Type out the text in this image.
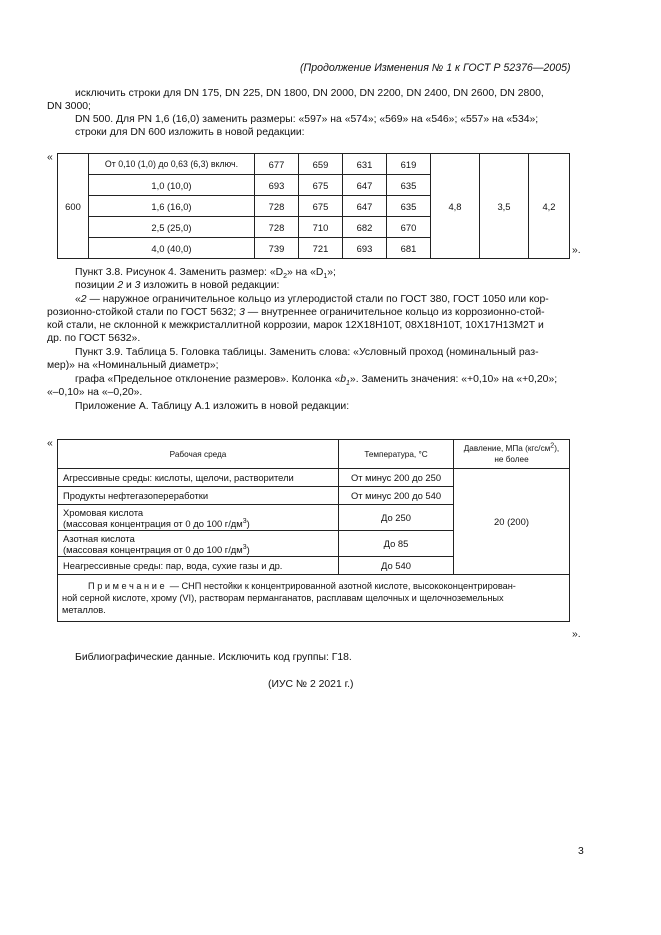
(Продолжение Изменения № 1 к ГОСТ Р 52376—2005)
исключить строки для DN 175, DN 225, DN 1800, DN 2000, DN 2200, DN 2400, DN 2600, DN 2800,
DN 3000;
DN 500. Для PN 1,6 (16,0) заменить размеры: «597» на «574»; «569» на «546»; «557» на «534»;
строки для DN 600 изложить в новой редакции:
«
600	От 0,10 (1,0) до 0,63 (6,3) включ.	677	659	631	619	4,8	3,5	4,2
	1,0 (10,0)	693	675	647	635			
	1,6 (16,0)	728	675	647	635			
	2,5 (25,0)	728	710	682	670			
	4,0 (40,0)	739	721	693	681				».
Пункт 3.8. Рисунок 4. Заменить размер: «$D_2$» на «$D_1$»;
позиции 2 и 3 изложить в новой редакции:
«2 — наружное ограничительное кольцо из углеродистой стали по ГОСТ 380, ГОСТ 1050 или кор-
розионно-стойкой стали по ГОСТ 5632; 3 — внутреннее ограничительное кольцо из коррозионно-стой-
кой стали, не склонной к межкристаллитной коррозии, марок 12Х18Н10Т, 08Х18Н10Т, 10Х17Н13М2Т и
др. по ГОСТ 5632».
Пункт 3.9. Таблица 5. Головка таблицы. Заменить слова: «Условный проход (номинальный раз-
мер)» на «Номинальный диаметр»;
графа «Предельное отклонение размеров». Колонка «$b_1$». Заменить значения: «+0,10» на «+0,20»;
«–0,10» на «–0,20».
Приложение А. Таблицу А.1 изложить в новой редакции:
«
Рабочая среда	Температура, °С	Давление, МПа $(кгс/см^2)$,
не более
Агрессивные среды: кислоты, щелочи, растворители	От минус 200 до 250	20 (200)
Продукты нефтегазопереработки	От минус 200 до 540	
Хромовая кислота
(массовая концентрация от 0 до 100 $г/дм^3$)	До 250	
Азотная кислота
(массовая концентрация от 0 до 100 $г/дм^3$)	До 85	
Неагрессивные среды: пар, вода, сухие газы и др.	До 540	

Примечание — СНП нестойки к концентрированной азотной кислоте, высококонцентрирован-
ной серной кислоте, хрому (VI), растворам перманганатов, расплавам щелочных и щелочноземельных
металлов.		
».
Библиографические данные. Исключить код группы: Г18.
(ИУС № 2 2021 г.)
3
